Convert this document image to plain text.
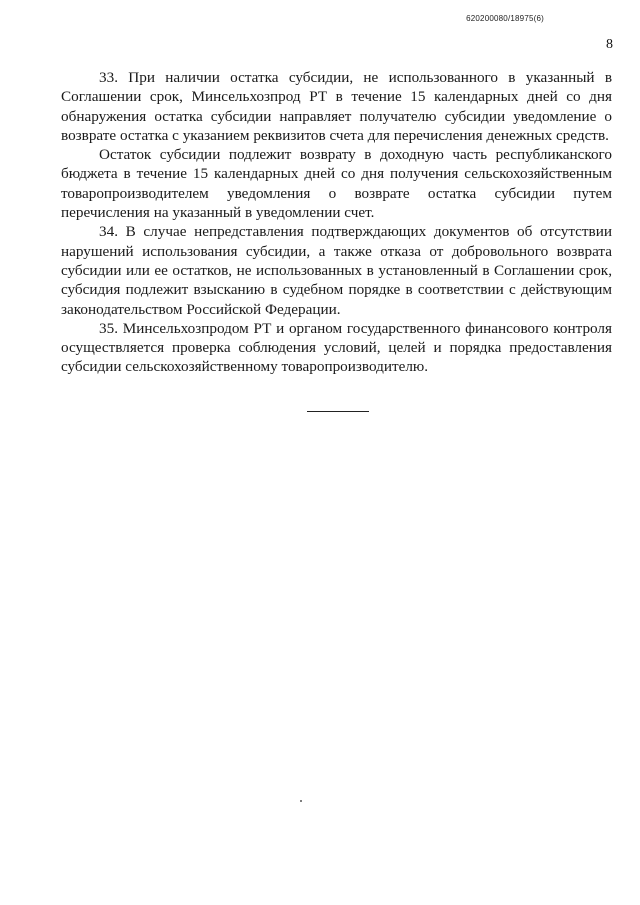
620200080/18975(6)
8

33. При наличии остатка субсидии, не использованного в указанный в Соглашении срок, Минсельхозпрод РТ в течение 15 календарных дней со дня обнаружения остатка субсидии направляет получателю субсидии уведомление о возврате остатка с указанием реквизитов счета для перечисления денежных средств.

Остаток субсидии подлежит возврату в доходную часть республиканского бюджета в течение 15 календарных дней со дня получения сельскохозяйственным товаропроизводителем уведомления о возврате остатка субсидии путем перечисления на указанный в уведомлении счет.

34. В случае непредставления подтверждающих документов об отсутствии нарушений использования субсидии, а также отказа от добровольного возврата субсидии или ее остатков, не использованных в установленный в Соглашении срок, субсидия подлежит взысканию в судебном порядке в соответствии с действующим законодательством Российской Федерации.

35. Минсельхозпродом РТ и органом государственного финансового контроля осуществляется проверка соблюдения условий, целей и порядка предоставления субсидии сельскохозяйственному товаропроизводителю.
